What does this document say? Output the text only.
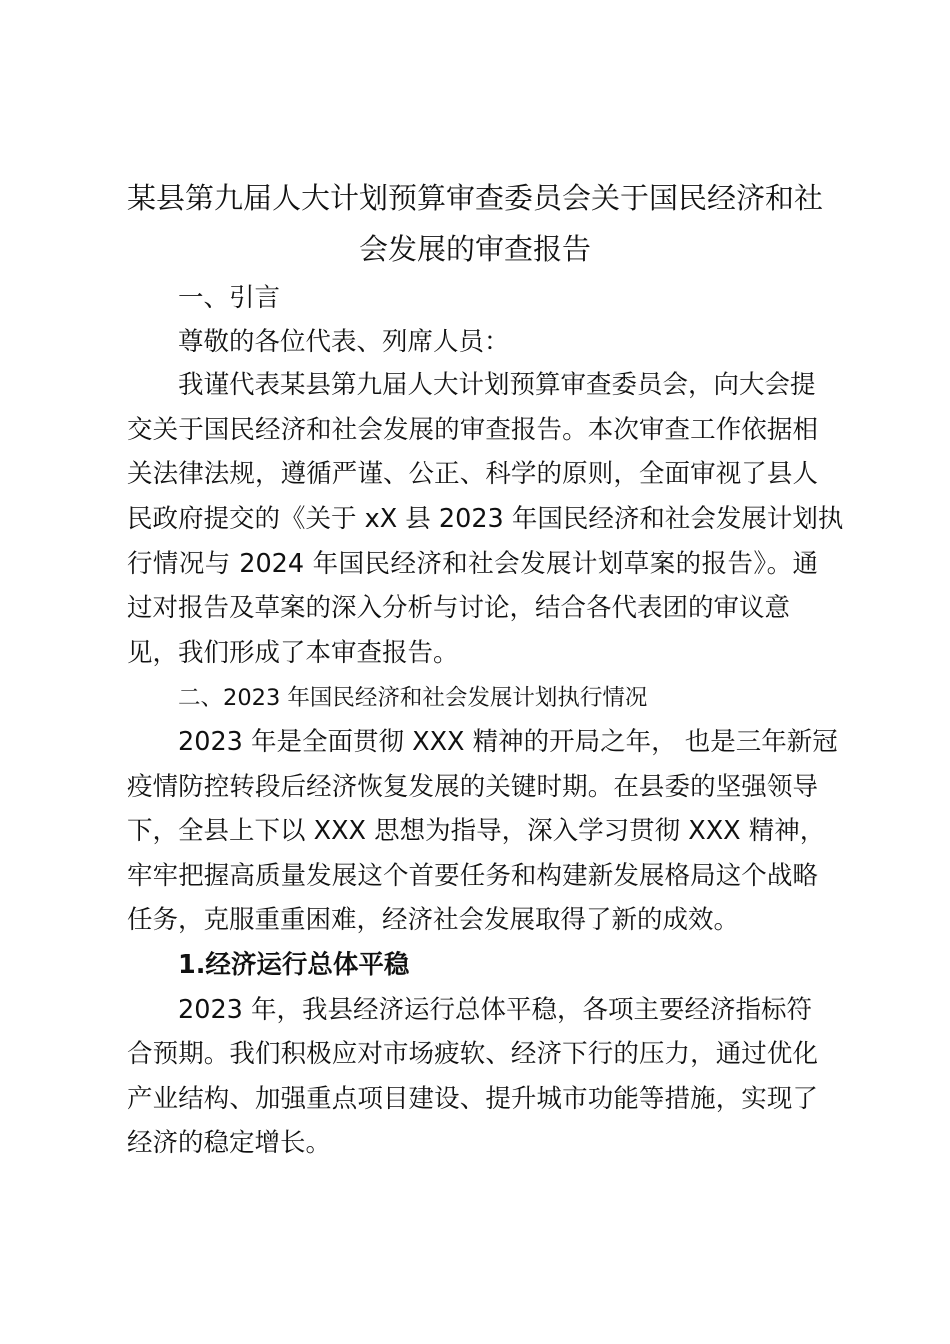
某县第九届人大计划预算审查委员会关于国民经济和社
会发展的审查报告
一、引言
尊敬的各位代表、列席人员：
我谨代表某县第九届人大计划预算审查委员会，向大会提
交关于国民经济和社会发展的审查报告。本次审查工作依据相
关法律法规，遵循严谨、公正、科学的原则，全面审视了县人
民政府提交的《关于 xX 县 2023 年国民经济和社会发展计划执
行情况与 2024 年国民经济和社会发展计划草案的报告》。通
过对报告及草案的深入分析与讨论，结合各代表团的审议意
见，我们形成了本审查报告。
二、2023 年国民经济和社会发展计划执行情况
2023 年是全面贯彻 XXX 精神的开局之年， 也是三年新冠
疫情防控转段后经济恢复发展的关键时期。在县委的坚强领导
下，全县上下以 XXX 思想为指导，深入学习贯彻 XXX 精神，
牢牢把握高质量发展这个首要任务和构建新发展格局这个战略
任务，克服重重困难，经济社会发展取得了新的成效。
1.经济运行总体平稳
2023 年，我县经济运行总体平稳，各项主要经济指标符
合预期。我们积极应对市场疲软、经济下行的压力，通过优化
产业结构、加强重点项目建设、提升城市功能等措施，实现了
经济的稳定增长。
